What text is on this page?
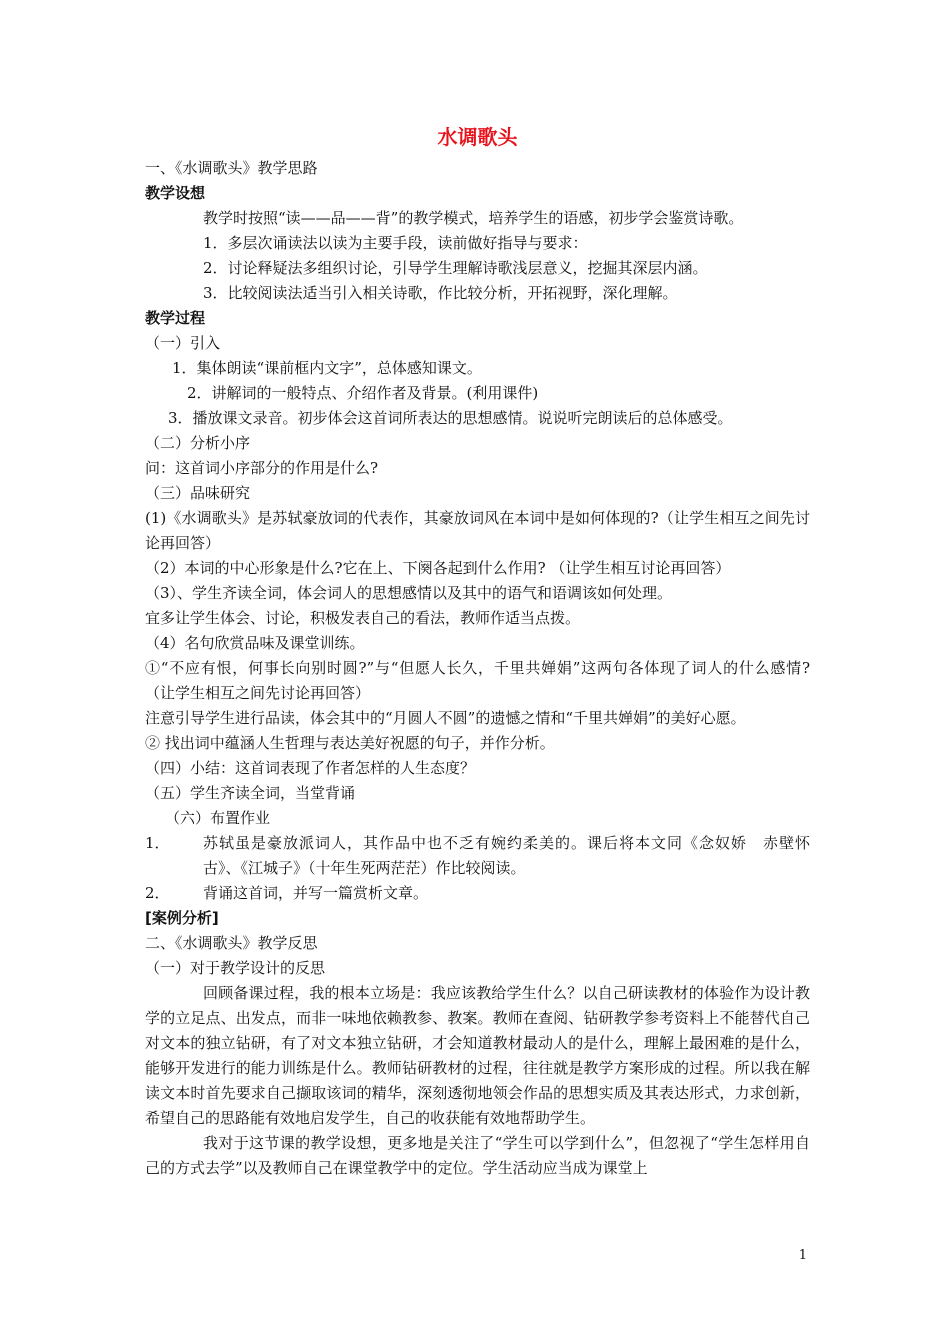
水调歌头

一、《水调歌头》教学思路

教学设想

教学时按照“读——品——背”的教学模式，培养学生的语感，初步学会鉴赏诗歌。

1．多层次诵读法以读为主要手段，读前做好指导与要求：

2．讨论释疑法多组织讨论，引导学生理解诗歌浅层意义，挖掘其深层内涵。

3．比较阅读法适当引入相关诗歌，作比较分析，开拓视野，深化理解。

教学过程

（一）引入

1．集体朗读“课前框内文字”，总体感知课文。

2．讲解词的一般特点、介绍作者及背景。(利用课件)

3．播放课文录音。初步体会这首词所表达的思想感情。说说听完朗读后的总体感受。

（二）分析小序

问：这首词小序部分的作用是什么?

（三）品味研究

(1)《水调歌头》是苏轼豪放词的代表作，其豪放词风在本词中是如何体现的?（让学生相互之间先讨论再回答）

（2）本词的中心形象是什么?它在上、下阕各起到什么作用? （让学生相互讨论再回答）

（3）、学生齐读全词，体会词人的思想感情以及其中的语气和语调该如何处理。

宜多让学生体会、讨论，积极发表自己的看法，教师作适当点拨。

（4）名句欣赏品味及课堂训练。

①“不应有恨，何事长向别时圆?”与“但愿人长久，千里共婵娟”这两句各体现了词人的什么感情? （让学生相互之间先讨论再回答）

注意引导学生进行品读，体会其中的“月圆人不圆”的遗憾之情和“千里共婵娟”的美好心愿。

② 找出词中蕴涵人生哲理与表达美好祝愿的句子，并作分析。

（四）小结：这首词表现了作者怎样的人生态度？

（五）学生齐读全词，当堂背诵

（六）布置作业

1．	苏轼虽是豪放派词人，其作品中也不乏有婉约柔美的。课后将本文同《念奴娇　赤壁怀古》、《江城子》（十年生死两茫茫）作比较阅读。

2．	背诵这首词，并写一篇赏析文章。

[案例分析]

二、《水调歌头》教学反思

（一）对于教学设计的反思

回顾备课过程，我的根本立场是：我应该教给学生什么？以自己研读教材的体验作为设计教学的立足点、出发点，而非一味地依赖教参、教案。教师在查阅、钻研教学参考资料上不能替代自己对文本的独立钻研，有了对文本独立钻研，才会知道教材最动人的是什么，理解上最困难的是什么，能够开发进行的能力训练是什么。教师钻研教材的过程，往往就是教学方案形成的过程。所以我在解读文本时首先要求自己撷取该词的精华，深刻透彻地领会作品的思想实质及其表达形式，力求创新，希望自己的思路能有效地启发学生，自己的收获能有效地帮助学生。

我对于这节课的教学设想，更多地是关注了“学生可以学到什么”，但忽视了“学生怎样用自己的方式去学”以及教师自己在课堂教学中的定位。学生活动应当成为课堂上

1
